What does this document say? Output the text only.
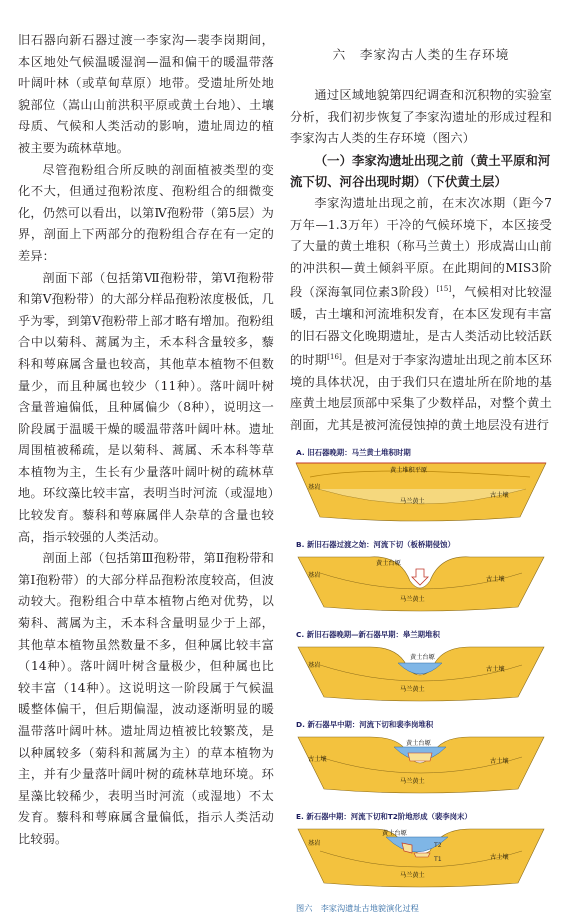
旧石器向新石器过渡一李家沟—裴李岗期间，本区地处气候温暖湿润—温和偏干的暖温带落叶阔叶林（或草甸草原）地带。受遗址所处地貌部位（嵩山山前洪积平原或黄土台地）、土壤母质、气候和人类活动的影响，遗址周边的植被主要为疏林草地。

尽管孢粉组合所反映的剖面植被类型的变化不大，但通过孢粉浓度、孢粉组合的细微变化，仍然可以看出，以第Ⅳ孢粉带（第5层）为界，剖面上下两部分的孢粉组合存在有一定的差异：

剖面下部（包括第Ⅶ孢粉带，第Ⅵ孢粉带和第Ⅴ孢粉带）的大部分样品孢粉浓度极低，几乎为零，到第Ⅴ孢粉带上部才略有增加。孢粉组合中以菊科、蒿属为主，禾本科含量较多，藜科和萼麻属含量也较高，其他草本植物不但数量少，而且种属也较少（11种）。落叶阔叶树含量普遍偏低，且种属偏少（8种），说明这一阶段属于温暖干燥的暖温带落叶阔叶林。遗址周围植被稀疏，是以菊科、蒿属、禾本科等草本植物为主，生长有少量落叶阔叶树的疏林草地。环纹藻比较丰富，表明当时河流（或湿地）比较发育。藜科和萼麻属伴人杂草的含量也较高，指示较强的人类活动。

剖面上部（包括第Ⅲ孢粉带，第Ⅱ孢粉带和第Ⅰ孢粉带）的大部分样品孢粉浓度较高，但波动较大。孢粉组合中草本植物占绝对优势，以菊科、蒿属为主，禾本科含量明显少于上部，其他草本植物虽然数量不多，但种属比较丰富（14种）。落叶阔叶树含量极少，但种属也比较丰富（14种）。这说明这一阶段属于气候温暖整体偏干，但后期偏湿，波动逐渐明显的暖温带落叶阔叶林。遗址周边植被比较繁茂，是以种属较多（菊科和蒿属为主）的草本植物为主，并有少量落叶阔叶树的疏林草地环境。环星藻比较稀少，表明当时河流（或湿地）不太发育。藜科和萼麻属含量偏低，指示人类活动比较弱。

六　李家沟古人类的生存环境

通过区域地貌第四纪调查和沉积物的实验室分析，我们初步恢复了李家沟遗址的形成过程和李家沟古人类的生存环境（图六）

（一）李家沟遗址出现之前（黄土平原和河流下切、河谷出现时期）（下伏黄土层）

李家沟遗址出现之前，在末次冰期（距今7万年—1.3万年）干冷的气候环境下，本区接受了大量的黄土堆积（称马兰黄土）形成嵩山山前的冲洪积—黄土倾斜平原。在此期间的MIS3阶段（深海氧同位素3阶段）[15]，气候相对比较湿暖，古土壤和河流堆积发育，在本区发现有丰富的旧石器文化晚期遗址，是古人类活动比较活跃的时期[16]。但是对于李家沟遗址出现之前本区环境的具体状况，由于我们只在遗址所在阶地的基座黄土地层顶部中采集了少数样品，对整个黄土剖面，尤其是被河流侵蚀掉的黄土地层没有进行

A. 旧石器晚期：马兰黄土堆积时期
黄土堆积平原
基岩
马兰黄土
古土壤
B. 新旧石器过渡之始：河流下切（板桥期侵蚀）
黄土台塬
基岩
马兰黄土
古土壤
C. 新旧石器晚期—新石器早期：皋兰期堆积
黄土台塬
基岩
马兰黄土
古土壤
D. 新石器早中期：河流下切和裴李岗堆积
黄土台塬
古土壤
马兰黄土
古土壤
E. 新石器中期：河流下切和T2阶地形成（裴李岗末）
基岩
黄土台塬
T2
T1	古土壤
马兰黄土
图六　李家沟遗址古地貌演化过程
